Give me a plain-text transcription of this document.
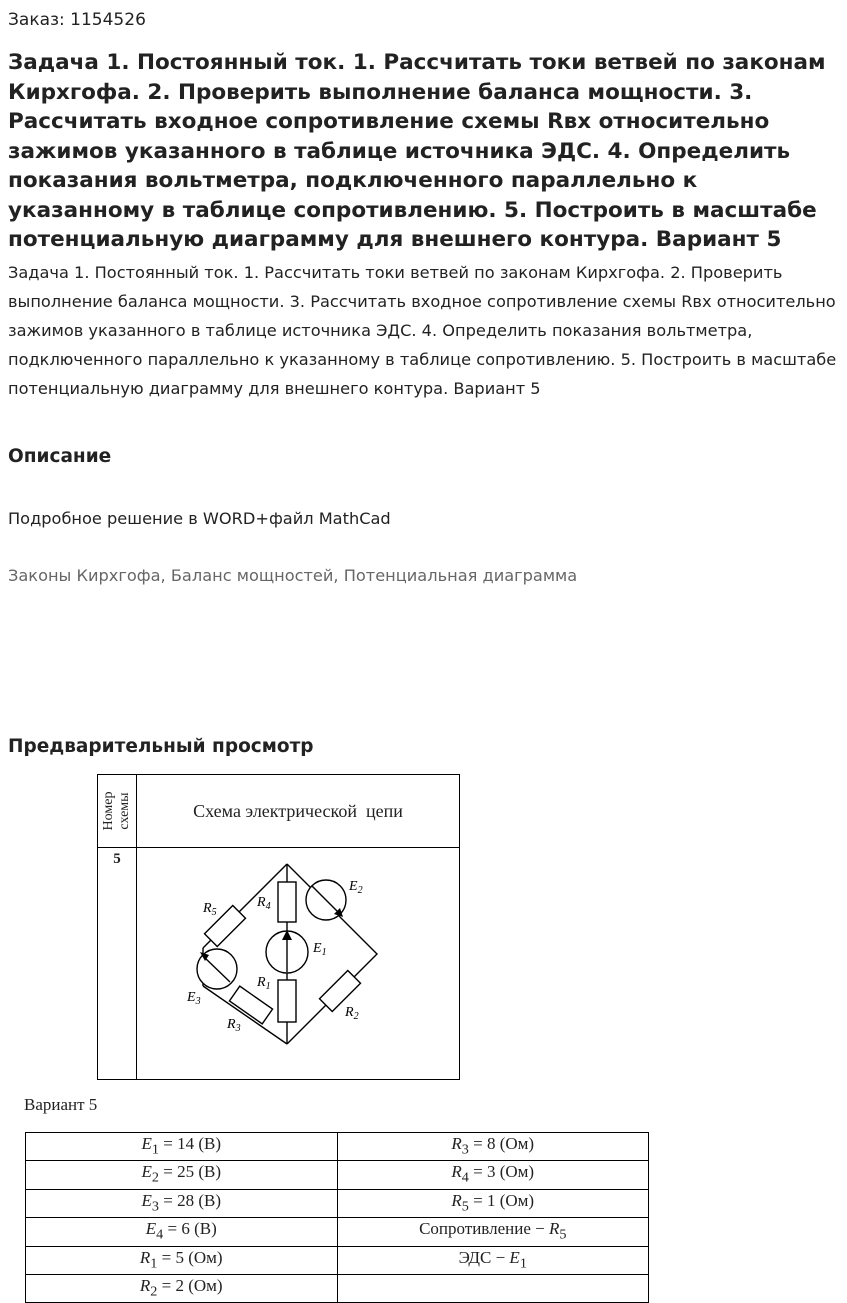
Заказ: 1154526
Задача 1. Постоянный ток. 1. Рассчитать токи ветвей по законам Кирхгофа. 2. Проверить выполнение баланса мощности. 3. Рассчитать входное сопротивление схемы Rвх относительно зажимов указанного в таблице источника ЭДС. 4. Определить показания вольтметра, подключенного параллельно к указанному в таблице сопротивлению. 5. Построить в масштабе потенциальную диаграмму для внешнего контура. Вариант 5

Задача 1. Постоянный ток. 1. Рассчитать токи ветвей по законам Кирхгофа. 2. Проверить выполнение баланса мощности. 3. Рассчитать входное сопротивление схемы Rвх относительно зажимов указанного в таблице источника ЭДС. 4. Определить показания вольтметра, подключенного параллельно к указанному в таблице сопротивлению. 5. Построить в масштабе потенциальную диаграмму для внешнего контура. Вариант 5

Описание
Подробное решение в WORD+файл MathCad
Законы Кирхгофа, Баланс мощностей, Потенциальная диаграмма
Предварительный просмотр
Номер
схемы	Схема электрической  цепи
5
$R_5$
$R_4$
$E_2$
$E_1$
$R_1$
$E_3$
$R_3$
$R_2$
Вариант 5
$E_1 = 14$ (В)	$R_3 = 8$ (Ом)
$E_2 = 25$ (В)	$R_4 = 3$ (Ом)
$E_3 = 28$ (В)	$R_5 = 1$ (Ом)
$E_4 = 6$ (В)	Сопротивление − $R_5$
$R_1 = 5$ (Ом)	ЭДС − $E_1$
$R_2 = 2$ (Ом)	
